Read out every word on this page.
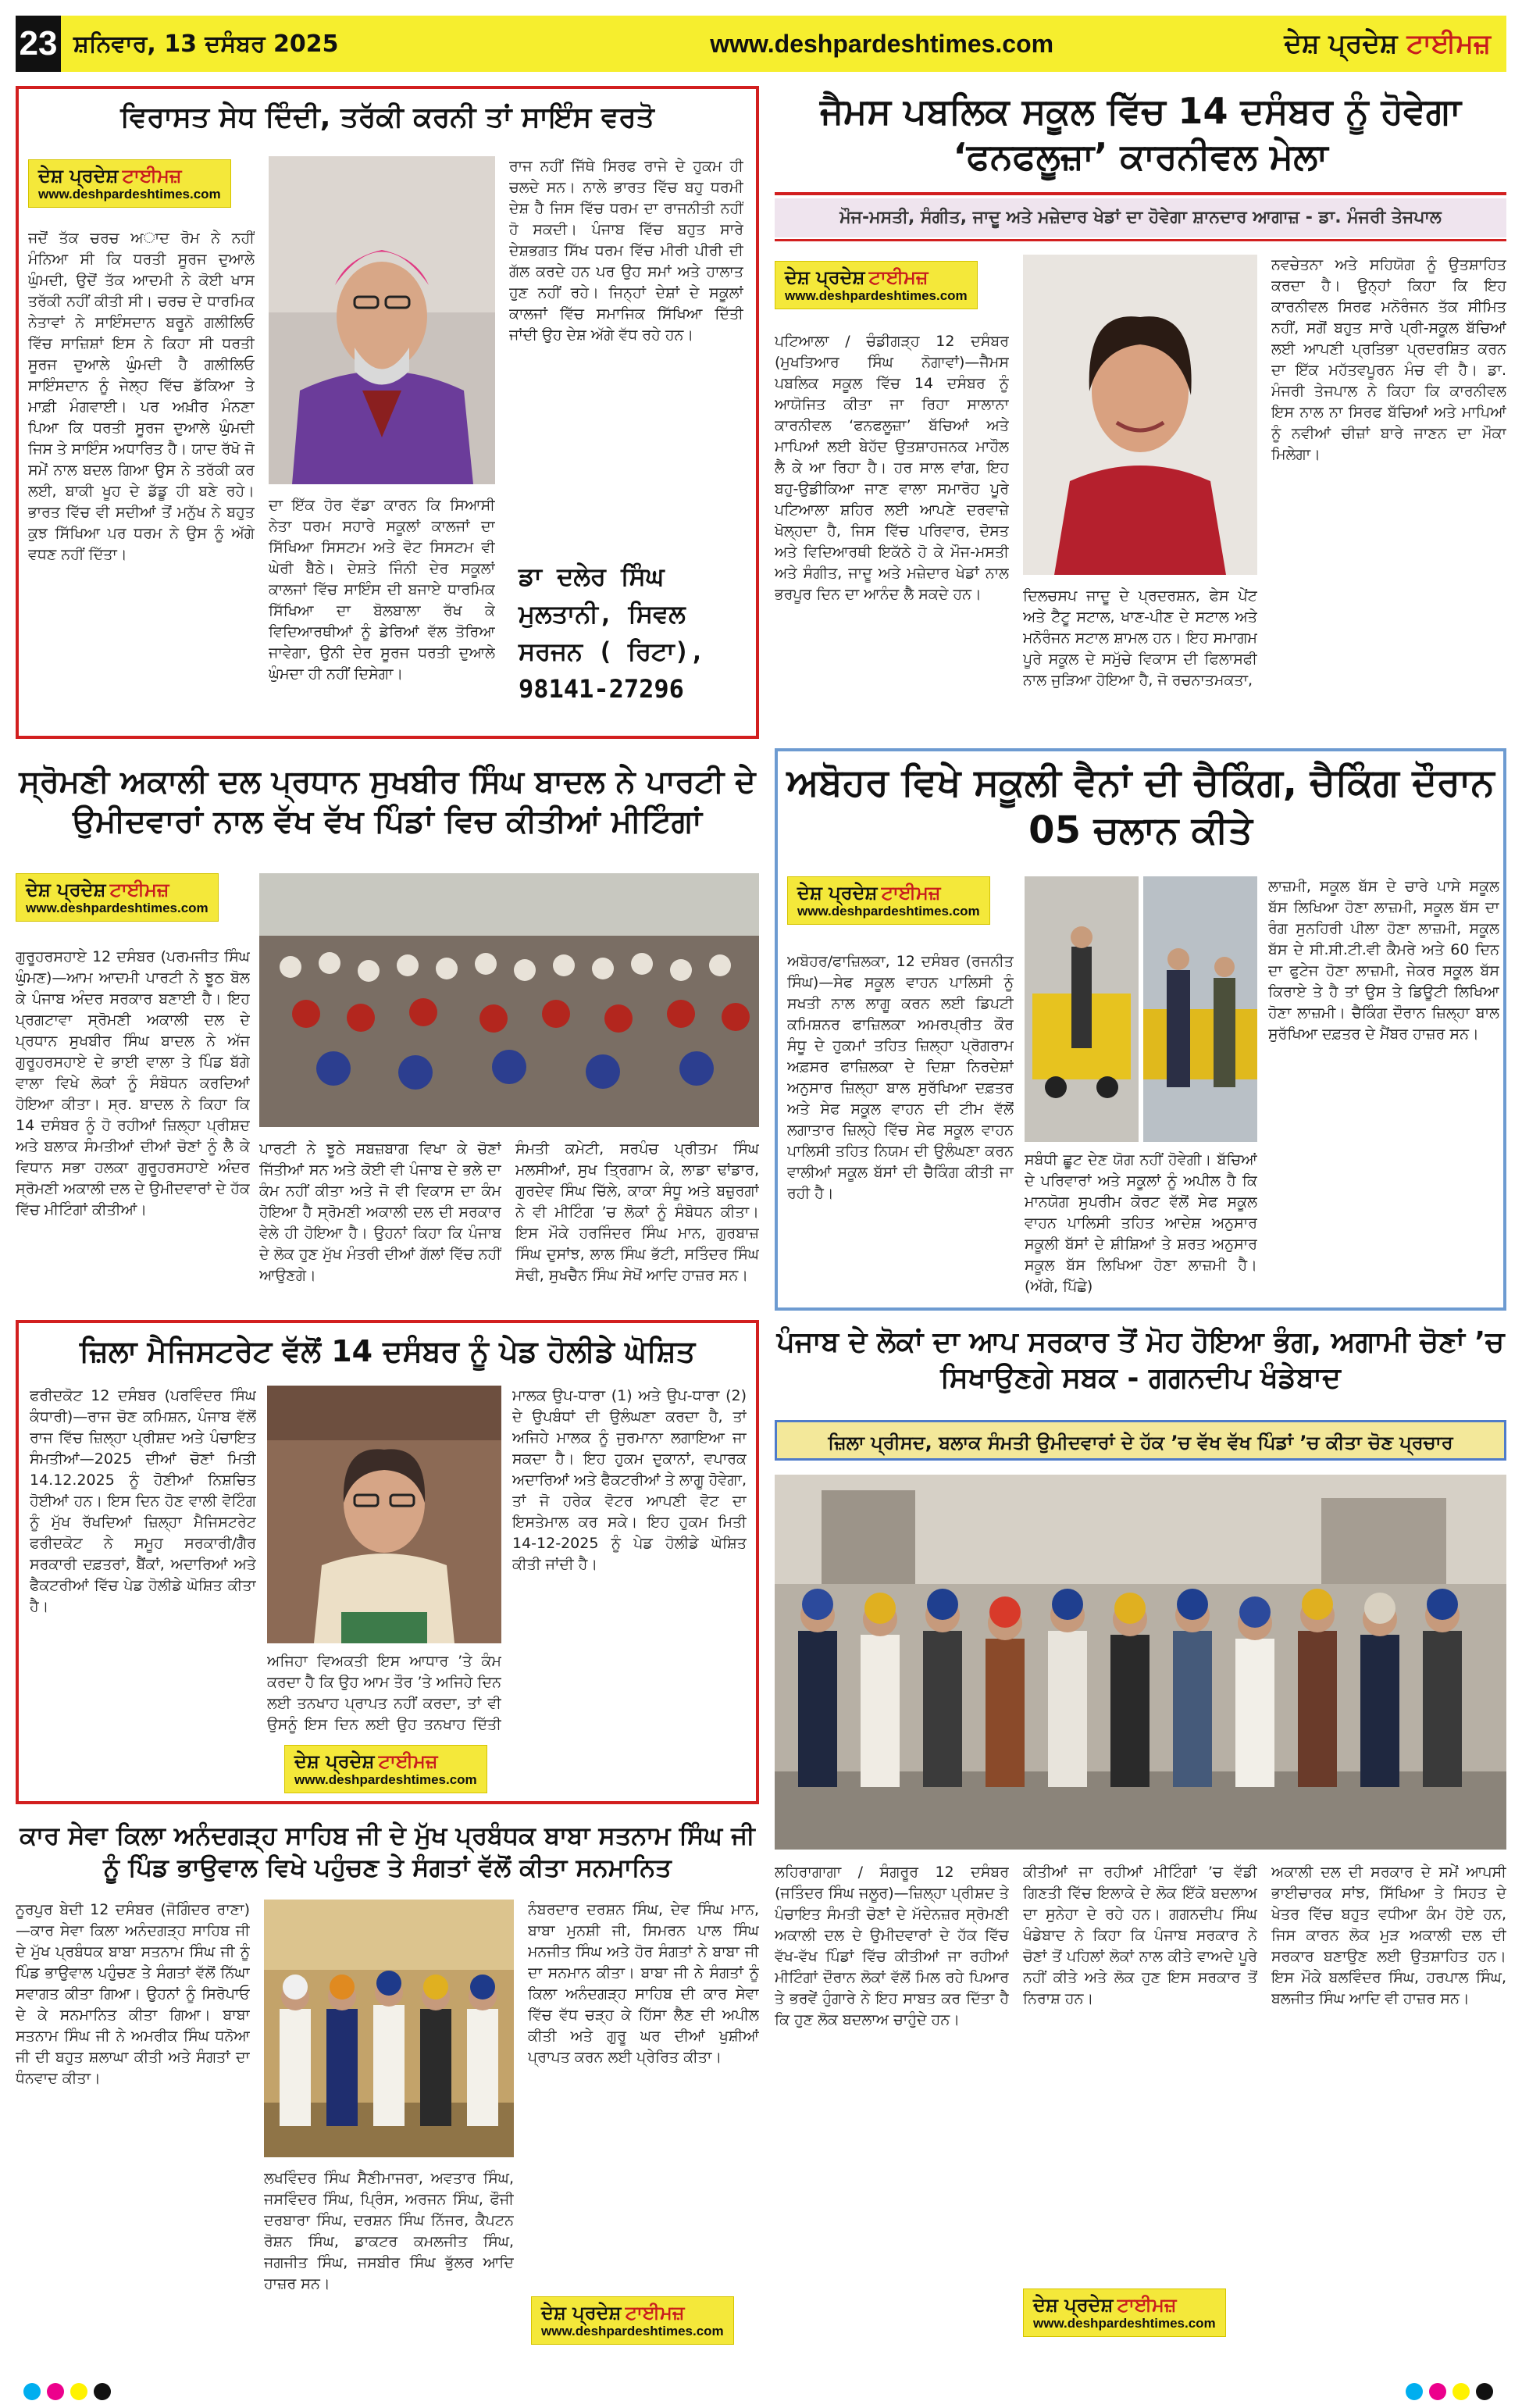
23 ਸ਼ਨਿਵਾਰ, 13 ਦਸੰਬਰ 2025	www.deshpardeshtimes.com	ਦੇਸ਼ ਪ੍ਰਦੇਸ਼ ਟਾਈਮਜ਼
ਵਿਰਾਸਤ ਸੇਧ ਦਿੰਦੀ, ਤਰੱਕੀ ਕਰਨੀ ਤਾਂ ਸਾਇੰਸ ਵਰਤੋ
ਦੇਸ਼ ਪ੍ਰਦੇਸ਼ ਟਾਈਮਜ਼
www.deshpardeshtimes.com
ਜਦੋਂ ਤੱਕ ਚਰਚ ਅਾਦ ਰੋਮ ਨੇ ਨਹੀਂ ਮੰਨਿਆ ਸੀ ਕਿ ਧਰਤੀ ਸੂਰਜ ਦੁਆਲੇ ਘੁੰਮਦੀ, ਉਦੋਂ ਤੱਕ ਆਦਮੀ ਨੇ ਕੋਈ ਖਾਸ ਤਰੱਕੀ ਨਹੀਂ ਕੀਤੀ ਸੀ। ਚਰਚ ਦੇ ਧਾਰਮਿਕ ਨੇਤਾਵਾਂ ਨੇ ਸਾਇੰਸਦਾਨ ਬਰੂਨੋ ਗਲੀਲਿਓ ਵਿੱਚ ਸਾਜ਼ਿਸ਼ਾਂ ਇਸ ਨੇ ਕਿਹਾ ਸੀ ਧਰਤੀ ਸੂਰਜ ਦੁਆਲੇ ਘੁੰਮਦੀ ਹੈ ਗਲੀਲਿਓ ਸਾਇੰਸਦਾਨ ਨੂੰ ਜੇਲ੍ਹ ਵਿੱਚ ਡੱਕਿਆ ਤੇ ਮਾਫ਼ੀ ਮੰਗਵਾਈ। ਪਰ ਅਖ਼ੀਰ ਮੰਨਣਾ ਪਿਆ ਕਿ ਧਰਤੀ ਸੂਰਜ ਦੁਆਲੇ ਘੁੰਮਦੀ ਜਿਸ ਤੇ ਸਾਇੰਸ ਅਧਾਰਿਤ ਹੈ। ਯਾਦ ਰੱਖੋ ਜੋ ਸਮੇਂ ਨਾਲ ਬਦਲ ਗਿਆ ਉਸ ਨੇ ਤਰੱਕੀ ਕਰ ਲਈ, ਬਾਕੀ ਖੂਹ ਦੇ ਡੱਡੂ ਹੀ ਬਣੇ ਰਹੇ। ਭਾਰਤ ਵਿੱਚ ਵੀ ਸਦੀਆਂ ਤੋਂ ਮਨੁੱਖ ਨੇ ਬਹੁਤ ਕੁਝ ਸਿੱਖਿਆ ਪਰ ਧਰਮ ਨੇ ਉਸ ਨੂੰ ਅੱਗੇ ਵਧਣ ਨਹੀਂ ਦਿੱਤਾ।
ਦਾ ਇੱਕ ਹੋਰ ਵੱਡਾ ਕਾਰਨ ਕਿ ਸਿਆਸੀ ਨੇਤਾ ਧਰਮ ਸਹਾਰੇ ਸਕੂਲਾਂ ਕਾਲਜਾਂ ਦਾ ਸਿੱਖਿਆ ਸਿਸਟਮ ਅਤੇ ਵੋਟ ਸਿਸਟਮ ਵੀ ਘੇਰੀ ਬੈਠੇ। ਦੇਸ਼ਤੇ ਜਿੰਨੀ ਦੇਰ ਸਕੂਲਾਂ ਕਾਲਜਾਂ ਵਿੱਚ ਸਾਇੰਸ ਦੀ ਬਜਾਏ ਧਾਰਮਿਕ ਸਿੱਖਿਆ ਦਾ ਬੋਲਬਾਲਾ ਰੱਖ ਕੇ ਵਿਦਿਆਰਥੀਆਂ ਨੂੰ ਡੇਰਿਆਂ ਵੱਲ ਤੋਰਿਆ ਜਾਵੇਗਾ, ਉਨੀ ਦੇਰ ਸੂਰਜ ਧਰਤੀ ਦੁਆਲੇ ਘੁੰਮਦਾ ਹੀ ਨਹੀਂ ਦਿਸੇਗਾ।
ਰਾਜ ਨਹੀਂ ਜਿੱਥੇ ਸਿਰਫ ਰਾਜੇ ਦੇ ਹੁਕਮ ਹੀ ਚਲਦੇ ਸਨ। ਨਾਲੇ ਭਾਰਤ ਵਿੱਚ ਬਹੁ ਧਰਮੀ ਦੇਸ਼ ਹੈ ਜਿਸ ਵਿੱਚ ਧਰਮ ਦਾ ਰਾਜਨੀਤੀ ਨਹੀਂ ਹੋ ਸਕਦੀ। ਪੰਜਾਬ ਵਿੱਚ ਬਹੁਤ ਸਾਰੇ ਦੇਸ਼ਭਗਤ ਸਿੱਖ ਧਰਮ ਵਿੱਚ ਮੀਰੀ ਪੀਰੀ ਦੀ ਗੱਲ ਕਰਦੇ ਹਨ ਪਰ ਉਹ ਸਮਾਂ ਅਤੇ ਹਾਲਾਤ ਹੁਣ ਨਹੀਂ ਰਹੇ। ਜਿਨ੍ਹਾਂ ਦੇਸ਼ਾਂ ਦੇ ਸਕੂਲਾਂ ਕਾਲਜਾਂ ਵਿੱਚ ਸਮਾਜਿਕ ਸਿੱਖਿਆ ਦਿੱਤੀ ਜਾਂਦੀ ਉਹ ਦੇਸ਼ ਅੱਗੇ ਵੱਧ ਰਹੇ ਹਨ।
ਡਾ ਦਲੇਰ ਸਿੰਘ ਮੁਲਤਾਨੀ, ਸਿਵਲ ਸਰਜਨ ( ਰਿਟਾ),
98141-27296
ਜੈਮਸ ਪਬਲਿਕ ਸਕੂਲ ਵਿੱਚ 14 ਦਸੰਬਰ ਨੂੰ ਹੋਵੇਗਾ ‘ਫਨਫਲੂਜ਼ਾ’ ਕਾਰਨੀਵਲ ਮੇਲਾ
ਮੌਜ-ਮਸਤੀ, ਸੰਗੀਤ, ਜਾਦੂ ਅਤੇ ਮਜ਼ੇਦਾਰ ਖੇਡਾਂ ਦਾ ਹੋਵੇਗਾ ਸ਼ਾਨਦਾਰ ਆਗਾਜ਼ - ਡਾ. ਮੰਜਰੀ ਤੇਜਪਾਲ
ਦੇਸ਼ ਪ੍ਰਦੇਸ਼ ਟਾਈਮਜ਼
www.deshpardeshtimes.com
ਪਟਿਆਲਾ / ਚੰਡੀਗੜ੍ਹ 12 ਦਸੰਬਰ (ਮੁਖਤਿਆਰ ਸਿੰਘ ਨੋਗਾਵਾਂ)—ਜੈਮਸ ਪਬਲਿਕ ਸਕੂਲ ਵਿੱਚ 14 ਦਸੰਬਰ ਨੂੰ ਆਯੋਜਿਤ ਕੀਤਾ ਜਾ ਰਿਹਾ ਸਾਲਾਨਾ ਕਾਰਨੀਵਲ ‘ਫਨਫਲੂਜ਼ਾ’ ਬੱਚਿਆਂ ਅਤੇ ਮਾਪਿਆਂ ਲਈ ਬੇਹੱਦ ਉਤਸ਼ਾਹਜਨਕ ਮਾਹੌਲ ਲੈ ਕੇ ਆ ਰਿਹਾ ਹੈ। ਹਰ ਸਾਲ ਵਾਂਗ, ਇਹ ਬਹੁ-ਉਡੀਕਿਆ ਜਾਣ ਵਾਲਾ ਸਮਾਰੋਹ ਪੂਰੇ ਪਟਿਆਲਾ ਸ਼ਹਿਰ ਲਈ ਆਪਣੇ ਦਰਵਾਜ਼ੇ ਖੋਲ੍ਹਦਾ ਹੈ, ਜਿਸ ਵਿੱਚ ਪਰਿਵਾਰ, ਦੋਸਤ ਅਤੇ ਵਿਦਿਆਰਥੀ ਇਕੱਠੇ ਹੋ ਕੇ ਮੌਜ-ਮਸਤੀ ਅਤੇ ਸੰਗੀਤ, ਜਾਦੂ ਅਤੇ ਮਜ਼ੇਦਾਰ ਖੇਡਾਂ ਨਾਲ ਭਰਪੂਰ ਦਿਨ ਦਾ ਆਨੰਦ ਲੈ ਸਕਦੇ ਹਨ।	ਦਿਲਚਸਪ ਜਾਦੂ ਦੇ ਪ੍ਰਦਰਸ਼ਨ, ਫੇਸ ਪੇਂਟ ਅਤੇ ਟੈਟੂ ਸਟਾਲ, ਖਾਣ-ਪੀਣ ਦੇ ਸਟਾਲ ਅਤੇ ਮਨੋਰੰਜਨ ਸਟਾਲ ਸ਼ਾਮਲ ਹਨ। ਇਹ ਸਮਾਗਮ ਪੂਰੇ ਸਕੂਲ ਦੇ ਸਮੁੱਚੇ ਵਿਕਾਸ ਦੀ ਫਿਲਾਸਫੀ ਨਾਲ ਜੁੜਿਆ ਹੋਇਆ ਹੈ, ਜੋ ਰਚਨਾਤਮਕਤਾ,
ਨਵਚੇਤਨਾ ਅਤੇ ਸਹਿਯੋਗ ਨੂੰ ਉਤਸ਼ਾਹਿਤ ਕਰਦਾ ਹੈ। ਉਨ੍ਹਾਂ ਕਿਹਾ ਕਿ ਇਹ ਕਾਰਨੀਵਲ ਸਿਰਫ ਮਨੋਰੰਜਨ ਤੱਕ ਸੀਮਿਤ ਨਹੀਂ, ਸਗੋਂ ਬਹੁਤ ਸਾਰੇ ਪ੍ਰੀ-ਸਕੂਲ ਬੱਚਿਆਂ ਲਈ ਆਪਣੀ ਪ੍ਰਤਿਭਾ ਪ੍ਰਦਰਸ਼ਿਤ ਕਰਨ ਦਾ ਇੱਕ ਮਹੱਤਵਪੂਰਨ ਮੰਚ ਵੀ ਹੈ। ਡਾ. ਮੰਜਰੀ ਤੇਜਪਾਲ ਨੇ ਕਿਹਾ ਕਿ ਕਾਰਨੀਵਲ ਇਸ ਨਾਲ ਨਾ ਸਿਰਫ ਬੱਚਿਆਂ ਅਤੇ ਮਾਪਿਆਂ ਨੂੰ ਨਵੀਆਂ ਚੀਜ਼ਾਂ ਬਾਰੇ ਜਾਣਨ ਦਾ ਮੌਕਾ ਮਿਲੇਗਾ।
ਸ੍ਰੋਮਣੀ ਅਕਾਲੀ ਦਲ ਪ੍ਰਧਾਨ ਸੁਖਬੀਰ ਸਿੰਘ ਬਾਦਲ ਨੇ ਪਾਰਟੀ ਦੇ ਉਮੀਦਵਾਰਾਂ ਨਾਲ ਵੱਖ ਵੱਖ ਪਿੰਡਾਂ ਵਿਚ ਕੀਤੀਆਂ ਮੀਟਿੰਗਾਂ
ਦੇਸ਼ ਪ੍ਰਦੇਸ਼ ਟਾਈਮਜ਼
www.deshpardeshtimes.com
ਗੁਰੂਹਰਸਹਾਏ 12 ਦਸੰਬਰ (ਪਰਮਜੀਤ ਸਿੰਘ ਘੁੰਮਣ)—ਆਮ ਆਦਮੀ ਪਾਰਟੀ ਨੇ ਝੂਠ ਬੋਲ ਕੇ ਪੰਜਾਬ ਅੰਦਰ ਸਰਕਾਰ ਬਣਾਈ ਹੈ। ਇਹ ਪ੍ਰਗਟਾਵਾ ਸ੍ਰੋਮਣੀ ਅਕਾਲੀ ਦਲ ਦੇ ਪ੍ਰਧਾਨ ਸੁਖਬੀਰ ਸਿੰਘ ਬਾਦਲ ਨੇ ਅੱਜ ਗੁਰੂਹਰਸਹਾਏ ਦੇ ਭਾਈ ਵਾਲਾ ਤੇ ਪਿੰਡ ਬੱਗੇ ਵਾਲਾ ਵਿਖੇ ਲੋਕਾਂ ਨੂੰ ਸੰਬੋਧਨ ਕਰਦਿਆਂ ਹੋਇਆ ਕੀਤਾ। ਸ੍ਰ. ਬਾਦਲ ਨੇ ਕਿਹਾ ਕਿ 14 ਦਸੰਬਰ ਨੂੰ ਹੋ ਰਹੀਆਂ ਜ਼ਿਲ੍ਹਾ ਪ੍ਰੀਸ਼ਦ ਅਤੇ ਬਲਾਕ ਸੰਮਤੀਆਂ ਦੀਆਂ ਚੋਣਾਂ ਨੂੰ ਲੈ ਕੇ ਵਿਧਾਨ ਸਭਾ ਹਲਕਾ ਗੁਰੂਹਰਸਹਾਏ ਅੰਦਰ ਸ੍ਰੋਮਣੀ ਅਕਾਲੀ ਦਲ ਦੇ ਉਮੀਦਵਾਰਾਂ ਦੇ ਹੱਕ ਵਿੱਚ ਮੀਟਿੰਗਾਂ ਕੀਤੀਆਂ।
ਪਾਰਟੀ ਨੇ ਝੂਠੇ ਸਬਜ਼ਬਾਗ ਵਿਖਾ ਕੇ ਚੋਣਾਂ ਜਿੱਤੀਆਂ ਸਨ ਅਤੇ ਕੋਈ ਵੀ ਪੰਜਾਬ ਦੇ ਭਲੇ ਦਾ ਕੰਮ ਨਹੀਂ ਕੀਤਾ ਅਤੇ ਜੋ ਵੀ ਵਿਕਾਸ ਦਾ ਕੰਮ ਹੋਇਆ ਹੈ ਸ੍ਰੋਮਣੀ ਅਕਾਲੀ ਦਲ ਦੀ ਸਰਕਾਰ ਵੇਲੇ ਹੀ ਹੋਇਆ ਹੈ। ਉਹਨਾਂ ਕਿਹਾ ਕਿ ਪੰਜਾਬ ਦੇ ਲੋਕ ਹੁਣ ਮੁੱਖ ਮੰਤਰੀ ਦੀਆਂ ਗੱਲਾਂ ਵਿੱਚ ਨਹੀਂ ਆਉਣਗੇ।
ਸੰਮਤੀ ਕਮੇਟੀ, ਸਰਪੰਚ ਪ੍ਰੀਤਮ ਸਿੰਘ ਮਲਸੀਆਂ, ਸੁਖ ਤ੍ਰਿਗਾਮ ਕੇ, ਲਾਡਾ ਢਾਂਡਾਰ, ਗੁਰਦੇਵ ਸਿੰਘ ਚਿੱਲੇ, ਕਾਕਾ ਸੰਧੂ ਅਤੇ ਬਜ਼ੁਰਗਾਂ ਨੇ ਵੀ ਮੀਟਿੰਗ ’ਚ ਲੋਕਾਂ ਨੂੰ ਸੰਬੋਧਨ ਕੀਤਾ। ਇਸ ਮੌਕੇ ਹਰਜਿੰਦਰ ਸਿੰਘ ਮਾਨ, ਗੁਰਬਾਜ਼ ਸਿੰਘ ਦੁਸਾਂਝ, ਲਾਲ ਸਿੰਘ ਭੱਟੀ, ਸਤਿੰਦਰ ਸਿੰਘ ਸੋਢੀ, ਸੁਖਚੈਨ ਸਿੰਘ ਸੇਖੋਂ ਆਦਿ ਹਾਜ਼ਰ ਸਨ।
ਅਬੋਹਰ ਵਿਖੇ ਸਕੂਲੀ ਵੈਨਾਂ ਦੀ ਚੈਕਿੰਗ, ਚੈਕਿੰਗ ਦੌਰਾਨ 05 ਚਲਾਨ ਕੀਤੇ
ਦੇਸ਼ ਪ੍ਰਦੇਸ਼ ਟਾਈਮਜ਼
www.deshpardeshtimes.com
ਅਬੋਹਰ/ਫਾਜ਼ਿਲਕਾ, 12 ਦਸੰਬਰ (ਰਜਨੀਤ ਸਿੰਘ)—ਸੇਫ ਸਕੂਲ ਵਾਹਨ ਪਾਲਿਸੀ ਨੂੰ ਸਖਤੀ ਨਾਲ ਲਾਗੂ ਕਰਨ ਲਈ ਡਿਪਟੀ ਕਮਿਸ਼ਨਰ ਫਾਜ਼ਿਲਕਾ ਅਮਰਪ੍ਰੀਤ ਕੌਰ ਸੰਧੂ ਦੇ ਹੁਕਮਾਂ ਤਹਿਤ ਜ਼ਿਲ੍ਹਾ ਪ੍ਰੋਗਰਾਮ ਅਫ਼ਸਰ ਫਾਜ਼ਿਲਕਾ ਦੇ ਦਿਸ਼ਾ ਨਿਰਦੇਸ਼ਾਂ ਅਨੁਸਾਰ ਜ਼ਿਲ੍ਹਾ ਬਾਲ ਸੁਰੱਖਿਆ ਦਫ਼ਤਰ ਅਤੇ ਸੇਫ ਸਕੂਲ ਵਾਹਨ ਦੀ ਟੀਮ ਵੱਲੋਂ ਲਗਾਤਾਰ ਜ਼ਿਲ੍ਹੇ ਵਿੱਚ ਸੇਫ ਸਕੂਲ ਵਾਹਨ ਪਾਲਿਸੀ ਤਹਿਤ ਨਿਯਮ ਦੀ ਉਲੰਘਣਾ ਕਰਨ ਵਾਲੀਆਂ ਸਕੂਲ ਬੱਸਾਂ ਦੀ ਚੈਕਿੰਗ ਕੀਤੀ ਜਾ ਰਹੀ ਹੈ।
ਸਬੰਧੀ ਛੂਟ ਦੇਣ ਯੋਗ ਨਹੀਂ ਹੋਵੇਗੀ। ਬੱਚਿਆਂ ਦੇ ਪਰਿਵਾਰਾਂ ਅਤੇ ਸਕੂਲਾਂ ਨੂੰ ਅਪੀਲ ਹੈ ਕਿ ਮਾਨਯੋਗ ਸੁਪਰੀਮ ਕੋਰਟ ਵੱਲੋਂ ਸੇਫ ਸਕੂਲ ਵਾਹਨ ਪਾਲਿਸੀ ਤਹਿਤ ਆਦੇਸ਼ ਅਨੁਸਾਰ ਸਕੂਲੀ ਬੱਸਾਂ ਦੇ ਸ਼ੀਸ਼ਿਆਂ ਤੇ ਸ਼ਰਤ ਅਨੁਸਾਰ ਸਕੂਲ ਬੱਸ ਲਿਖਿਆ ਹੋਣਾ ਲਾਜ਼ਮੀ ਹੈ। (ਅੱਗੇ, ਪਿੱਛੇ)
ਲਾਜ਼ਮੀ, ਸਕੂਲ ਬੱਸ ਦੇ ਚਾਰੇ ਪਾਸੇ ਸਕੂਲ ਬੱਸ ਲਿਖਿਆ ਹੋਣਾ ਲਾਜ਼ਮੀ, ਸਕੂਲ ਬੱਸ ਦਾ ਰੰਗ ਸੁਨਹਿਰੀ ਪੀਲਾ ਹੋਣਾ ਲਾਜ਼ਮੀ, ਸਕੂਲ ਬੱਸ ਦੇ ਸੀ.ਸੀ.ਟੀ.ਵੀ ਕੈਮਰੇ ਅਤੇ 60 ਦਿਨ ਦਾ ਫੁਟੇਜ ਹੋਣਾ ਲਾਜ਼ਮੀ, ਜੇਕਰ ਸਕੂਲ ਬੱਸ ਕਿਰਾਏ ਤੇ ਹੈ ਤਾਂ ਉਸ ਤੇ ਡਿਊਟੀ ਲਿਖਿਆ ਹੋਣਾ ਲਾਜ਼ਮੀ। ਚੈਕਿੰਗ ਦੌਰਾਨ ਜ਼ਿਲ੍ਹਾ ਬਾਲ ਸੁਰੱਖਿਆ ਦਫ਼ਤਰ ਦੇ ਮੈਂਬਰ ਹਾਜ਼ਰ ਸਨ।
ਜ਼ਿਲਾ ਮੈਜਿਸਟਰੇਟ ਵੱਲੋਂ 14 ਦਸੰਬਰ ਨੂੰ ਪੇਡ ਹੋਲੀਡੇ ਘੋਸ਼ਿਤ
ਫਰੀਦਕੋਟ 12 ਦਸੰਬਰ (ਪਰਵਿੰਦਰ ਸਿੰਘ ਕੰਧਾਰੀ)—ਰਾਜ ਚੋਣ ਕਮਿਸ਼ਨ, ਪੰਜਾਬ ਵੱਲੋਂ ਰਾਜ ਵਿੱਚ ਜ਼ਿਲ੍ਹਾ ਪ੍ਰੀਸ਼ਦ ਅਤੇ ਪੰਚਾਇਤ ਸੰਮਤੀਆਂ—2025 ਦੀਆਂ ਚੋਣਾਂ ਮਿਤੀ 14.12.2025 ਨੂੰ ਹੋਣੀਆਂ ਨਿਸ਼ਚਿਤ ਹੋਈਆਂ ਹਨ। ਇਸ ਦਿਨ ਹੋਣ ਵਾਲੀ ਵੋਟਿੰਗ ਨੂੰ ਮੁੱਖ ਰੱਖਦਿਆਂ ਜ਼ਿਲ੍ਹਾ ਮੈਜਿਸਟਰੇਟ ਫਰੀਦਕੋਟ ਨੇ ਸਮੂਹ ਸਰਕਾਰੀ/ਗੈਰ ਸਰਕਾਰੀ ਦਫ਼ਤਰਾਂ, ਬੈਂਕਾਂ, ਅਦਾਰਿਆਂ ਅਤੇ ਫੈਕਟਰੀਆਂ ਵਿੱਚ ਪੇਡ ਹੋਲੀਡੇ ਘੋਸ਼ਿਤ ਕੀਤਾ ਹੈ।
ਅਜਿਹਾ ਵਿਅਕਤੀ ਇਸ ਆਧਾਰ ’ਤੇ ਕੰਮ ਕਰਦਾ ਹੈ ਕਿ ਉਹ ਆਮ ਤੌਰ ’ਤੇ ਅਜਿਹੇ ਦਿਨ ਲਈ ਤਨਖਾਹ ਪ੍ਰਾਪਤ ਨਹੀਂ ਕਰਦਾ, ਤਾਂ ਵੀ ਉਸਨੂੰ ਇਸ ਦਿਨ ਲਈ ਉਹ ਤਨਖਾਹ ਦਿੱਤੀ
ਦੇਸ਼ ਪ੍ਰਦੇਸ਼ ਟਾਈਮਜ਼
www.deshpardeshtimes.com
ਮਾਲਕ ਉਪ-ਧਾਰਾ (1) ਅਤੇ ਉਪ-ਧਾਰਾ (2) ਦੇ ਉਪਬੰਧਾਂ ਦੀ ਉਲੰਘਣਾ ਕਰਦਾ ਹੈ, ਤਾਂ ਅਜਿਹੇ ਮਾਲਕ ਨੂੰ ਜੁਰਮਾਨਾ ਲਗਾਇਆ ਜਾ ਸਕਦਾ ਹੈ। ਇਹ ਹੁਕਮ ਦੁਕਾਨਾਂ, ਵਪਾਰਕ ਅਦਾਰਿਆਂ ਅਤੇ ਫੈਕਟਰੀਆਂ ਤੇ ਲਾਗੂ ਹੋਵੇਗਾ, ਤਾਂ ਜੋ ਹਰੇਕ ਵੋਟਰ ਆਪਣੀ ਵੋਟ ਦਾ ਇਸਤੇਮਾਲ ਕਰ ਸਕੇ। ਇਹ ਹੁਕਮ ਮਿਤੀ 14-12-2025 ਨੂੰ ਪੇਡ ਹੋਲੀਡੇ ਘੋਸ਼ਿਤ ਕੀਤੀ ਜਾਂਦੀ ਹੈ।
ਪੰਜਾਬ ਦੇ ਲੋਕਾਂ ਦਾ ਆਪ ਸਰਕਾਰ ਤੋਂ ਮੋਹ ਹੋਇਆ ਭੰਗ, ਅਗਾਮੀ ਚੋਣਾਂ ’ਚ ਸਿਖਾਉਣਗੇ ਸਬਕ - ਗਗਨਦੀਪ ਖੰਡੇਬਾਦ
ਜ਼ਿਲਾ ਪ੍ਰੀਸਦ, ਬਲਾਕ ਸੰਮਤੀ ਉਮੀਦਵਾਰਾਂ ਦੇ ਹੱਕ ’ਚ ਵੱਖ ਵੱਖ ਪਿੰਡਾਂ ’ਚ ਕੀਤਾ ਚੋਣ ਪ੍ਰਚਾਰ
ਲਹਿਰਾਗਾਗਾ / ਸੰਗਰੂਰ 12 ਦਸੰਬਰ (ਜਤਿੰਦਰ ਸਿੰਘ ਜਲੂਰ)—ਜ਼ਿਲ੍ਹਾ ਪ੍ਰੀਸ਼ਦ ਤੇ ਪੰਚਾਇਤ ਸੰਮਤੀ ਚੋਣਾਂ ਦੇ ਮੱਦੇਨਜ਼ਰ ਸ੍ਰੋਮਣੀ ਅਕਾਲੀ ਦਲ ਦੇ ਉਮੀਦਵਾਰਾਂ ਦੇ ਹੱਕ ਵਿੱਚ ਵੱਖ-ਵੱਖ ਪਿੰਡਾਂ ਵਿੱਚ ਕੀਤੀਆਂ ਜਾ ਰਹੀਆਂ ਮੀਟਿੰਗਾਂ ਦੌਰਾਨ ਲੋਕਾਂ ਵੱਲੋਂ ਮਿਲ ਰਹੇ ਪਿਆਰ ਤੇ ਭਰਵੇਂ ਹੁੰਗਾਰੇ ਨੇ ਇਹ ਸਾਬਤ ਕਰ ਦਿੱਤਾ ਹੈ ਕਿ ਹੁਣ ਲੋਕ ਬਦਲਾਅ ਚਾਹੁੰਦੇ ਹਨ।
ਕੀਤੀਆਂ ਜਾ ਰਹੀਆਂ ਮੀਟਿੰਗਾਂ ’ਚ ਵੱਡੀ ਗਿਣਤੀ ਵਿੱਚ ਇਲਾਕੇ ਦੇ ਲੋਕ ਇੱਕੋ ਬਦਲਾਅ ਦਾ ਸੁਨੇਹਾ ਦੇ ਰਹੇ ਹਨ। ਗਗਨਦੀਪ ਸਿੰਘ ਖੰਡੇਬਾਦ ਨੇ ਕਿਹਾ ਕਿ ਪੰਜਾਬ ਸਰਕਾਰ ਨੇ ਚੋਣਾਂ ਤੋਂ ਪਹਿਲਾਂ ਲੋਕਾਂ ਨਾਲ ਕੀਤੇ ਵਾਅਦੇ ਪੂਰੇ ਨਹੀਂ ਕੀਤੇ ਅਤੇ ਲੋਕ ਹੁਣ ਇਸ ਸਰਕਾਰ ਤੋਂ ਨਿਰਾਸ਼ ਹਨ।
ਦੇਸ਼ ਪ੍ਰਦੇਸ਼ ਟਾਈਮਜ਼
www.deshpardeshtimes.com
ਅਕਾਲੀ ਦਲ ਦੀ ਸਰਕਾਰ ਦੇ ਸਮੇਂ ਆਪਸੀ ਭਾਈਚਾਰਕ ਸਾਂਝ, ਸਿੱਖਿਆ ਤੇ ਸਿਹਤ ਦੇ ਖੇਤਰ ਵਿੱਚ ਬਹੁਤ ਵਧੀਆ ਕੰਮ ਹੋਏ ਹਨ, ਜਿਸ ਕਾਰਨ ਲੋਕ ਮੁੜ ਅਕਾਲੀ ਦਲ ਦੀ ਸਰਕਾਰ ਬਣਾਉਣ ਲਈ ਉਤਸ਼ਾਹਿਤ ਹਨ। ਇਸ ਮੌਕੇ ਬਲਵਿੰਦਰ ਸਿੰਘ, ਹਰਪਾਲ ਸਿੰਘ, ਬਲਜੀਤ ਸਿੰਘ ਆਦਿ ਵੀ ਹਾਜ਼ਰ ਸਨ।
ਕਾਰ ਸੇਵਾ ਕਿਲਾ ਅਨੰਦਗੜ੍ਹ ਸਾਹਿਬ ਜੀ ਦੇ ਮੁੱਖ ਪ੍ਰਬੰਧਕ ਬਾਬਾ ਸਤਨਾਮ ਸਿੰਘ ਜੀ ਨੂੰ ਪਿੰਡ ਭਾਉਵਾਲ ਵਿਖੇ ਪਹੁੰਚਣ ਤੇ ਸੰਗਤਾਂ ਵੱਲੋਂ ਕੀਤਾ ਸਨਮਾਨਿਤ
ਨੂਰਪੁਰ ਬੇਦੀ 12 ਦਸੰਬਰ (ਜੋਗਿੰਦਰ ਰਾਣਾ)—ਕਾਰ ਸੇਵਾ ਕਿਲਾ ਅਨੰਦਗੜ੍ਹ ਸਾਹਿਬ ਜੀ ਦੇ ਮੁੱਖ ਪ੍ਰਬੰਧਕ ਬਾਬਾ ਸਤਨਾਮ ਸਿੰਘ ਜੀ ਨੂੰ ਪਿੰਡ ਭਾਉਵਾਲ ਪਹੁੰਚਣ ਤੇ ਸੰਗਤਾਂ ਵੱਲੋਂ ਨਿੱਘਾ ਸਵਾਗਤ ਕੀਤਾ ਗਿਆ। ਉਹਨਾਂ ਨੂੰ ਸਿਰੋਪਾਓ ਦੇ ਕੇ ਸਨਮਾਨਿਤ ਕੀਤਾ ਗਿਆ। ਬਾਬਾ ਸਤਨਾਮ ਸਿੰਘ ਜੀ ਨੇ ਅਮਰੀਕ ਸਿੰਘ ਧਨੋਆ ਜੀ ਦੀ ਬਹੁਤ ਸ਼ਲਾਘਾ ਕੀਤੀ ਅਤੇ ਸੰਗਤਾਂ ਦਾ ਧੰਨਵਾਦ ਕੀਤਾ।
ਲਖਵਿੰਦਰ ਸਿੰਘ ਸੈਣੀਮਾਜਰਾ, ਅਵਤਾਰ ਸਿੰਘ, ਜਸਵਿੰਦਰ ਸਿੰਘ, ਪ੍ਰਿੰਸ, ਅਰਜਨ ਸਿੰਘ, ਫੌਜੀ ਦਰਬਾਰਾ ਸਿੰਘ, ਦਰਸ਼ਨ ਸਿੰਘ ਨਿੱਜਰ, ਕੈਪਟਨ ਰੋਸ਼ਨ ਸਿੰਘ, ਡਾਕਟਰ ਕਮਲਜੀਤ ਸਿੰਘ, ਜਗਜੀਤ ਸਿੰਘ, ਜਸਬੀਰ ਸਿੰਘ ਭੁੱਲਰ ਆਦਿ ਹਾਜ਼ਰ ਸਨ।
ਨੰਬਰਦਾਰ ਦਰਸ਼ਨ ਸਿੰਘ, ਦੇਵ ਸਿੰਘ ਮਾਨ, ਬਾਬਾ ਮੁਨਸ਼ੀ ਜੀ, ਸਿਮਰਨ ਪਾਲ ਸਿੰਘ ਮਨਜੀਤ ਸਿੰਘ ਅਤੇ ਹੋਰ ਸੰਗਤਾਂ ਨੇ ਬਾਬਾ ਜੀ ਦਾ ਸਨਮਾਨ ਕੀਤਾ। ਬਾਬਾ ਜੀ ਨੇ ਸੰਗਤਾਂ ਨੂੰ ਕਿਲਾ ਅਨੰਦਗੜ੍ਹ ਸਾਹਿਬ ਦੀ ਕਾਰ ਸੇਵਾ ਵਿੱਚ ਵੱਧ ਚੜ੍ਹ ਕੇ ਹਿੱਸਾ ਲੈਣ ਦੀ ਅਪੀਲ ਕੀਤੀ ਅਤੇ ਗੁਰੂ ਘਰ ਦੀਆਂ ਖੁਸ਼ੀਆਂ ਪ੍ਰਾਪਤ ਕਰਨ ਲਈ ਪ੍ਰੇਰਿਤ ਕੀਤਾ।
ਦੇਸ਼ ਪ੍ਰਦੇਸ਼ ਟਾਈਮਜ਼
www.deshpardeshtimes.com
